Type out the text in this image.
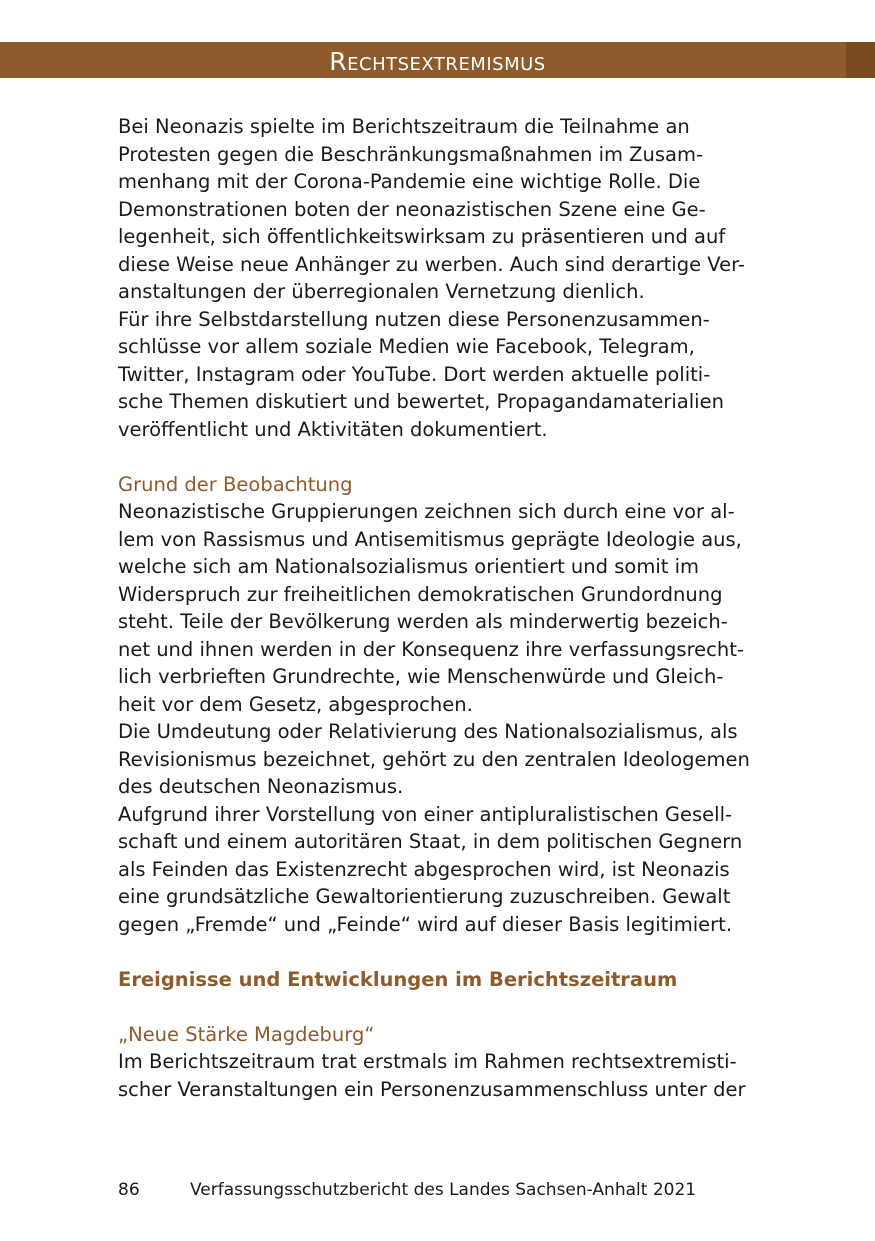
Rechtsextremismus

Bei Neonazis spielte im Berichtszeitraum die Teilnahme an
Protesten gegen die Beschränkungsmaßnahmen im Zusam-
menhang mit der Corona-Pandemie eine wichtige Rolle. Die
Demonstrationen boten der neonazistischen Szene eine Ge-
legenheit, sich öffentlichkeitswirksam zu präsentieren und auf
diese Weise neue Anhänger zu werben. Auch sind derartige Ver-
anstaltungen der überregionalen Vernetzung dienlich.

Für ihre Selbstdarstellung nutzen diese Personenzusammen-
schlüsse vor allem soziale Medien wie Facebook, Telegram,
Twitter, Instagram oder YouTube. Dort werden aktuelle politi-
sche Themen diskutiert und bewertet, Propagandamaterialien
veröffentlicht und Aktivitäten dokumentiert.

Grund der Beobachtung

Neonazistische Gruppierungen zeichnen sich durch eine vor al-
lem von Rassismus und Antisemitismus geprägte Ideologie aus,
welche sich am Nationalsozialismus orientiert und somit im
Widerspruch zur freiheitlichen demokratischen Grundordnung
steht. Teile der Bevölkerung werden als minderwertig bezeich-
net und ihnen werden in der Konsequenz ihre verfassungsrecht-
lich verbrieften Grundrechte, wie Menschenwürde und Gleich-
heit vor dem Gesetz, abgesprochen.

Die Umdeutung oder Relativierung des Nationalsozialismus, als
Revisionismus bezeichnet, gehört zu den zentralen Ideologemen
des deutschen Neonazismus.

Aufgrund ihrer Vorstellung von einer antipluralistischen Gesell-
schaft und einem autoritären Staat, in dem politischen Gegnern
als Feinden das Existenzrecht abgesprochen wird, ist Neonazis
eine grundsätzliche Gewaltorientierung zuzuschreiben. Gewalt
gegen „Fremde“ und „Feinde“ wird auf dieser Basis legitimiert.

Ereignisse und Entwicklungen im Berichtszeitraum

„Neue Stärke Magdeburg“

Im Berichtszeitraum trat erstmals im Rahmen rechtsextremisti-
scher Veranstaltungen ein Personenzusammenschluss unter der

86	Verfassungsschutzbericht des Landes Sachsen-Anhalt 2021
